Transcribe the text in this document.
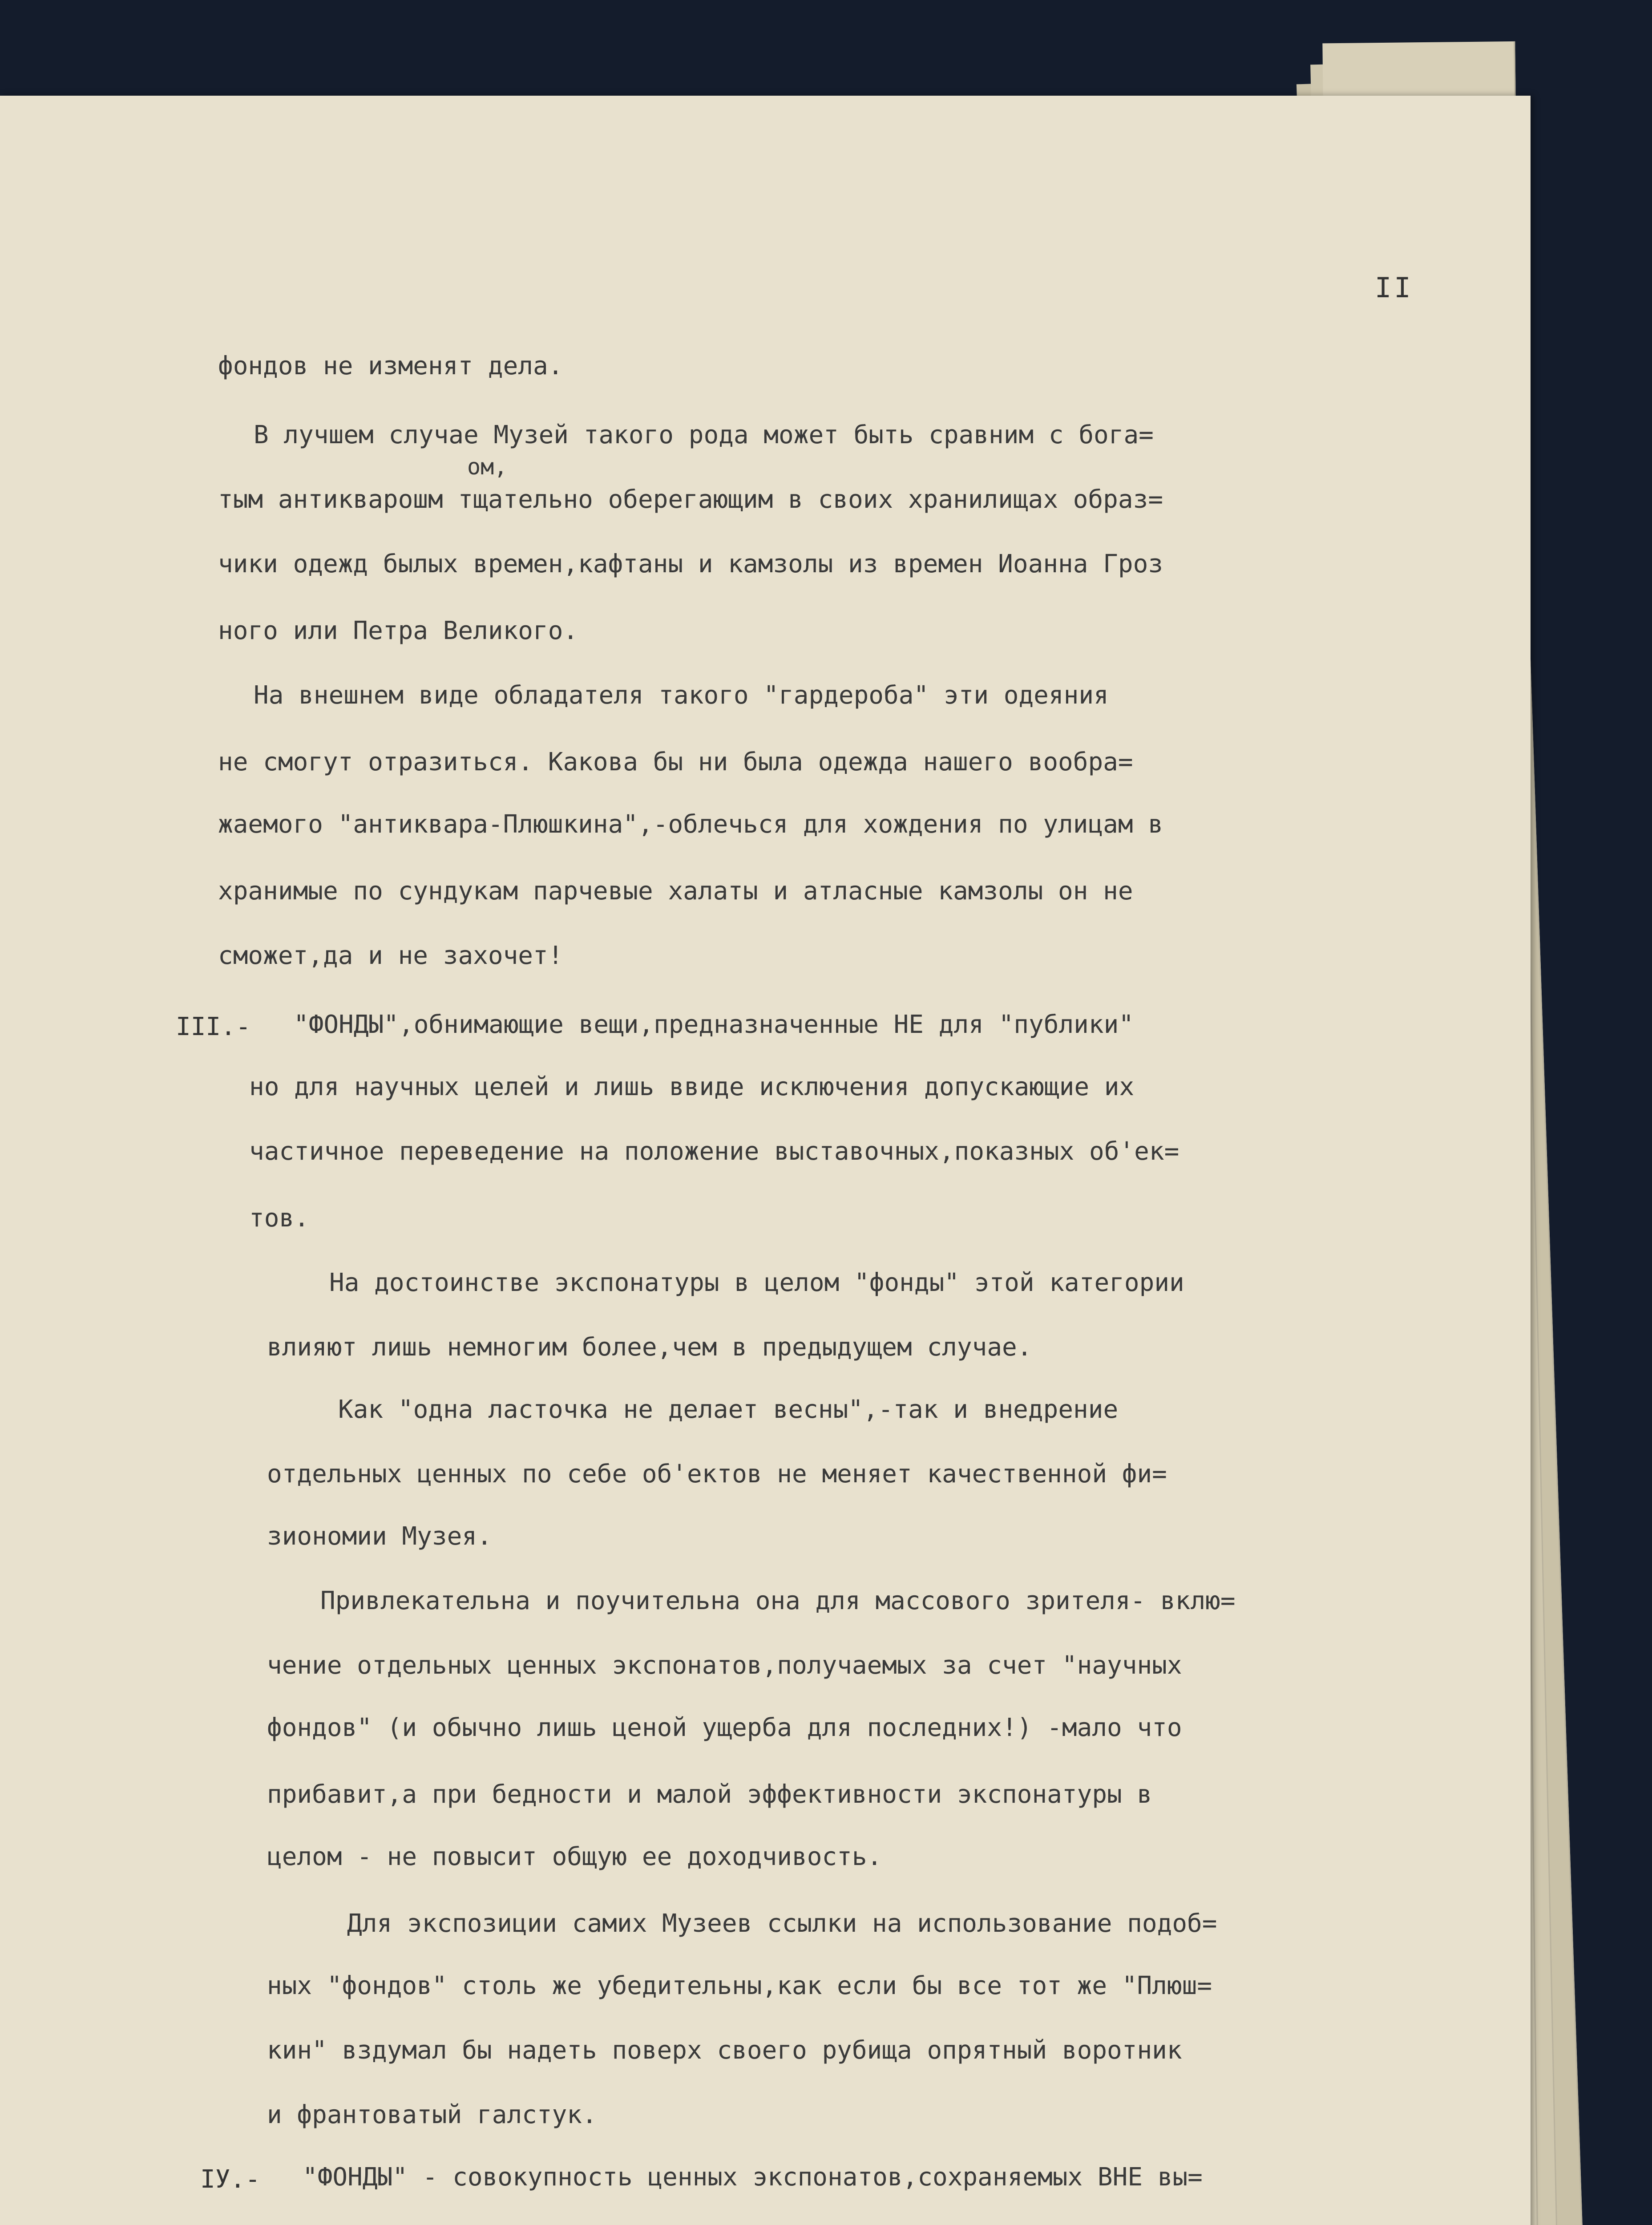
II
фондов не изменят дела.
В лучшем случае Музей такого рода может быть сравним с бога=
ом,
тым антикварошм тщательно оберегающим в своих хранилищах образ=
чики одежд былых времен,кафтаны и камзолы из времен Иоанна Гроз
ного или Петра Великого.
На внешнем виде обладателя такого "гардероба" эти одеяния
не смогут отразиться. Какова бы ни была одежда нашего вообра=
жаемого "антиквара-Плюшкина",-облечься для хождения по улицам в
хранимые по сундукам парчевые халаты и атласные камзолы он не
сможет,да и не захочет!
III.- "ФОНДЫ",обнимающие вещи,предназначенные НЕ для "публики"
но для научных целей и лишь ввиде исключения допускающие их
частичное переведение на положение выставочных,показных об'ек=
тов.
На достоинстве экспонатуры в целом "фонды" этой категории
влияют лишь немногим более,чем в предыдущем случае.
Как "одна ласточка не делает весны",-так и внедрение
отдельных ценных по себе об'ектов не меняет качественной фи=
зиономии Музея.
Привлекательна и поучительна она для массового зрителя- вклю=
чение отдельных ценных экспонатов,получаемых за счет "научных
фондов" (и обычно лишь ценой ущерба для последних!) -мало что
прибавит,а при бедности и малой эффективности экспонатуры в
целом - не повысит общую ее доходчивость.
Для экспозиции самих Музеев ссылки на использование подоб=
ных "фондов" столь же убедительны,как если бы все тот же "Плюш=
кин" вздумал бы надеть поверх своего рубища опрятный воротник
и франтоватый галстук.
IУ.- "ФОНДЫ" - совокупность ценных экспонатов,сохраняемых ВНЕ вы=
